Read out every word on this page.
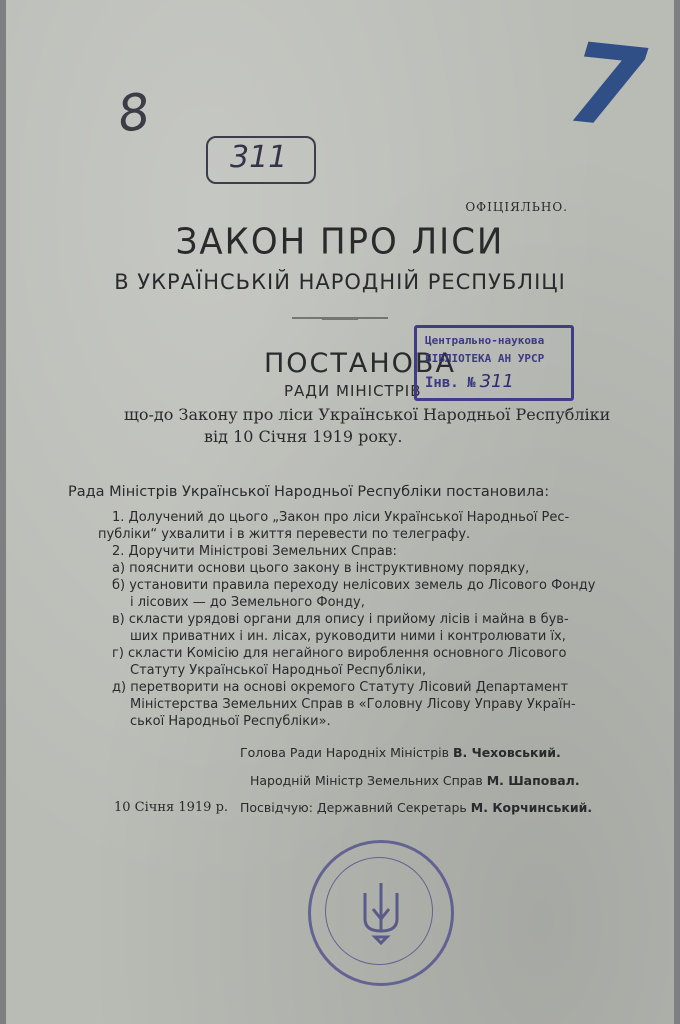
8	7
311
ОФІЦІЯЛЬНО.
ЗАКОН ПРО ЛІСИ
В УКРАЇНСЬКІЙ НАРОДНІЙ РЕСПУБЛІЦІ
ПОСТАНОВА
РАДИ МІНІСТРІВ
що-до Закону про ліси Української Народньої Республіки
від 10 Січня 1919 року.
Центрально-наукова
БІБЛІОТЕКА АН УРСР
Інв. № 311
Рада Міністрів Української Народньої Республіки постановила:
1. Долучений до цього „Закон про ліси Української Народньої Рес-
публіки“ ухвалити і в життя перевести по телеграфу.
2. Доручити Міністрові Земельних Справ:
а) пояснити основи цього закону в інструктивному порядку,
б) установити правила переходу нелісових земель до Лісового Фонду
і лісових — до Земельного Фонду,
в) скласти урядові органи для опису і прийому лісів і майна в був-
ших приватних і ин. лісах, руководити ними і контролювати їх,
г) скласти Комісію для негайного вироблення основного Лісового
Статуту Української Народньої Республіки,
д) перетворити на основі окремого Статуту Лісовий Департамент
Міністерства Земельних Справ в «Головну Лісову Управу Україн-
ської Народньої Республіки».
Голова Ради Народніх Міністрів В. Чеховський.
Народній Міністр Земельних Справ М. Шаповал.
Посвідчую: Державний Секретарь М. Корчинський.
10 Січня 1919 р.
